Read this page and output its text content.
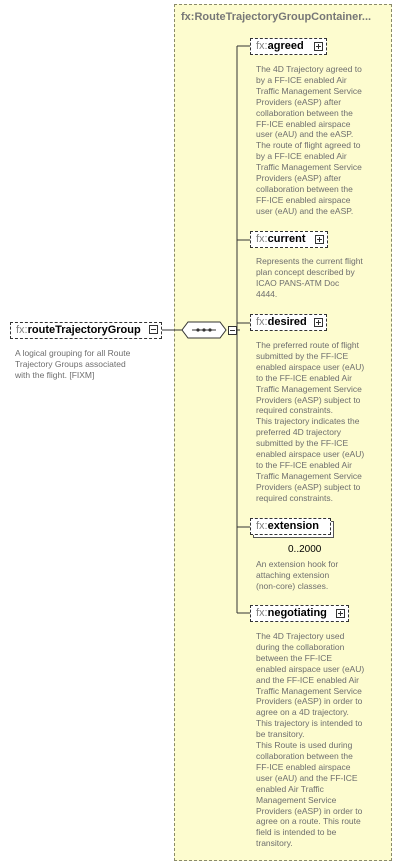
fx:RouteTrajectoryGroupContainer...
fx:routeTrajectoryGroup
A logical grouping for all Route
Trajectory Groups associated
with the flight. [FIXM]
fx:agreed
The 4D Trajectory agreed to
by a FF-ICE enabled Air
Traffic Management Service
Providers (eASP) after
collaboration between the
FF-ICE enabled airspace
user (eAU) and the eASP.
The route of flight agreed to
by a FF-ICE enabled Air
Traffic Management Service
Providers (eASP) after
collaboration between the
FF-ICE enabled airspace
user (eAU) and the eASP.
fx:current
Represents the current flight
plan concept described by
ICAO PANS-ATM Doc
4444.
fx:desired
The preferred route of flight
submitted by the FF-ICE
enabled airspace user (eAU)
to the FF-ICE enabled Air
Traffic Management Service
Providers (eASP) subject to
required constraints.
This trajectory indicates the
preferred 4D trajectory
submitted by the FF-ICE
enabled airspace user (eAU)
to the FF-ICE enabled Air
Traffic Management Service
Providers (eASP) subject to
required constraints.
fx:extension
0..2000
An extension hook for
attaching extension
(non-core) classes.
fx:negotiating
The 4D Trajectory used
during the collaboration
between the FF-ICE
enabled airspace user (eAU)
and the FF-ICE enabled Air
Traffic Management Service
Providers (eASP) in order to
agree on a 4D trajectory.
This trajectory is intended to
be transitory.
This Route is used during
collaboration between the
FF-ICE enabled airspace
user (eAU) and the FF-ICE
enabled Air Traffic
Management Service
Providers (eASP) in order to
agree on a route. This route
field is intended to be
transitory.
